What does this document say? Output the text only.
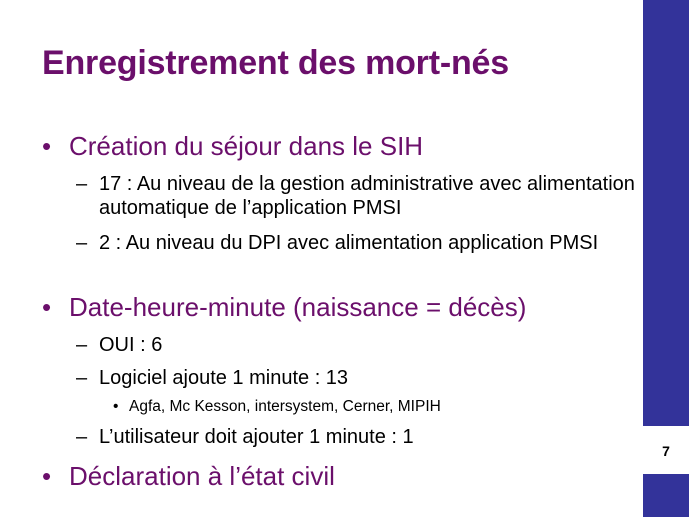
7
Enregistrement des mort-nés
• Création du séjour dans le SIH
– 17 : Au niveau de la gestion administrative avec alimentation automatique de l’application PMSI
– 2 : Au niveau du DPI avec alimentation application PMSI
• Date-heure-minute (naissance = décès)
– OUI : 6
– Logiciel ajoute 1 minute : 13
• Agfa, Mc Kesson, intersystem, Cerner, MIPIH
– L’utilisateur doit ajouter 1 minute : 1
• Déclaration à l’état civil
